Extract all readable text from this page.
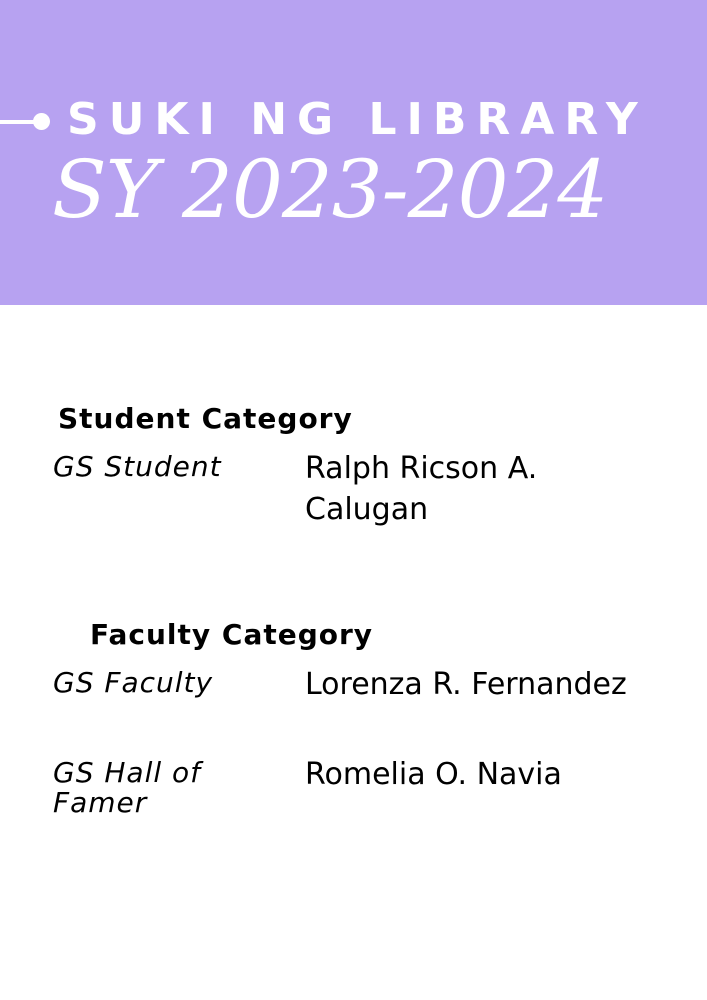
SUKI NG LIBRARY
SY 2023-2024
Student Category
GS Student	Ralph Ricson A. Calugan
Faculty Category
GS Faculty	Lorenza R. Fernandez
GS Hall of Famer
Romelia O. Navia
